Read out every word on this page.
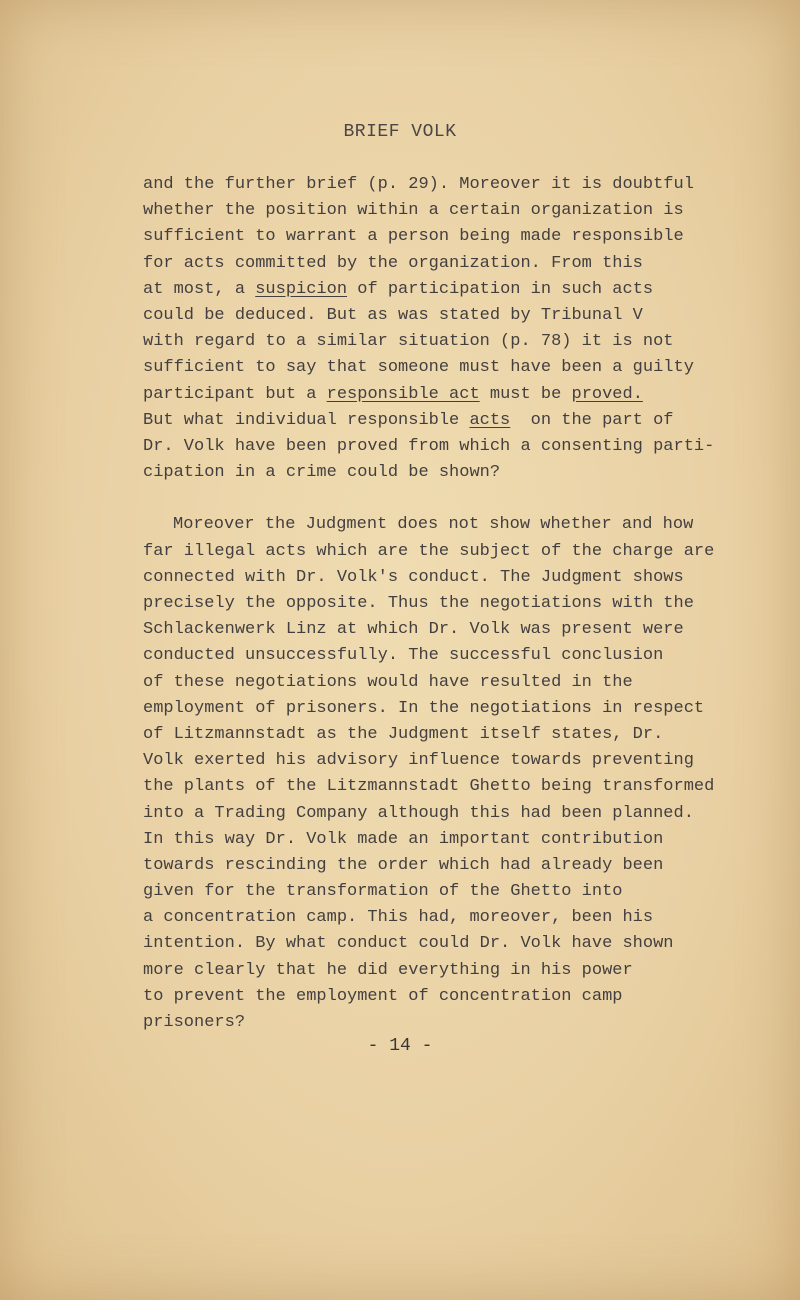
BRIEF VOLK
and the further brief (p. 29). Moreover it is doubtful
whether the position within a certain organization is
sufficient to warrant a person being made responsible
for acts committed by the organization. From this
at most, a suspicion of participation in such acts
could be deduced. But as was stated by Tribunal V
with regard to a similar situation (p. 78) it is not
sufficient to say that someone must have been a guilty
participant but a responsible act must be proved.
But what individual responsible acts  on the part of
Dr. Volk have been proved from which a consenting parti-
cipation in a crime could be shown?
Moreover the Judgment does not show whether and how
far illegal acts which are the subject of the charge are
connected with Dr. Volk's conduct. The Judgment shows
precisely the opposite. Thus the negotiations with the
Schlackenwerk Linz at which Dr. Volk was present were
conducted unsuccessfully. The successful conclusion
of these negotiations would have resulted in the
employment of prisoners. In the negotiations in respect
of Litzmannstadt as the Judgment itself states, Dr.
Volk exerted his advisory influence towards preventing
the plants of the Litzmannstadt Ghetto being transformed
into a Trading Company although this had been planned.
In this way Dr. Volk made an important contribution
towards rescinding the order which had already been
given for the transformation of the Ghetto into
a concentration camp. This had, moreover, been his
intention. By what conduct could Dr. Volk have shown
more clearly that he did everything in his power
to prevent the employment of concentration camp
prisoners?
- 14 -
